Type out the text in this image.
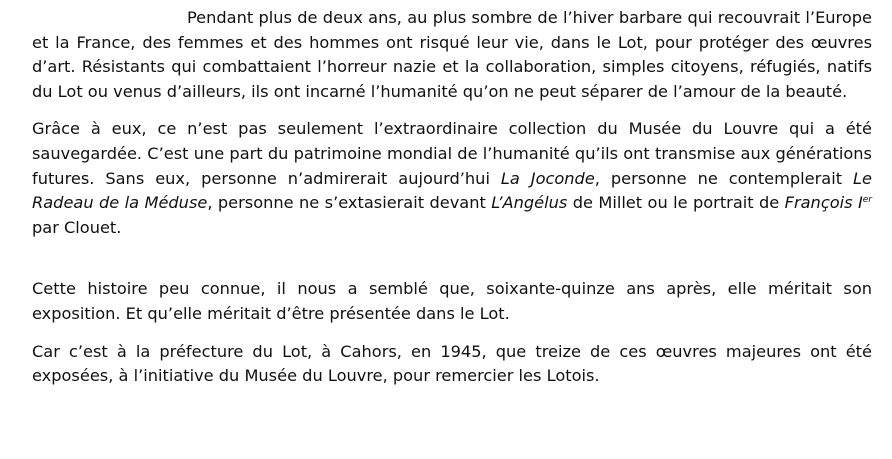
Pendant plus de deux ans, au plus sombre de l’hiver barbare qui recouvrait l’Europe et la France, des femmes et des hommes ont risqué leur vie, dans le Lot, pour protéger des œuvres d’art. Résistants qui combattaient l’horreur nazie et la collaboration, simples citoyens, réfugiés, natifs du Lot ou venus d’ailleurs, ils ont incarné l’humanité qu’on ne peut séparer de l’amour de la beauté.

Grâce à eux, ce n’est pas seulement l’extraordinaire collection du Musée du Louvre qui a été sauvegardée. C’est une part du patrimoine mondial de l’humanité qu’ils ont transmise aux générations futures. Sans eux, personne n’admirerait aujourd’hui La Joconde, personne ne contemplerait Le Radeau de la Méduse, personne ne s’extasierait devant L’Angélus de Millet ou le portrait de François Ier par Clouet.

Cette histoire peu connue, il nous a semblé que, soixante-quinze ans après, elle méritait son exposition. Et qu’elle méritait d’être présentée dans le Lot.

Car c’est à la préfecture du Lot, à Cahors, en 1945, que treize de ces œuvres majeures ont été exposées, à l’initiative du Musée du Louvre, pour remercier les Lotois.
